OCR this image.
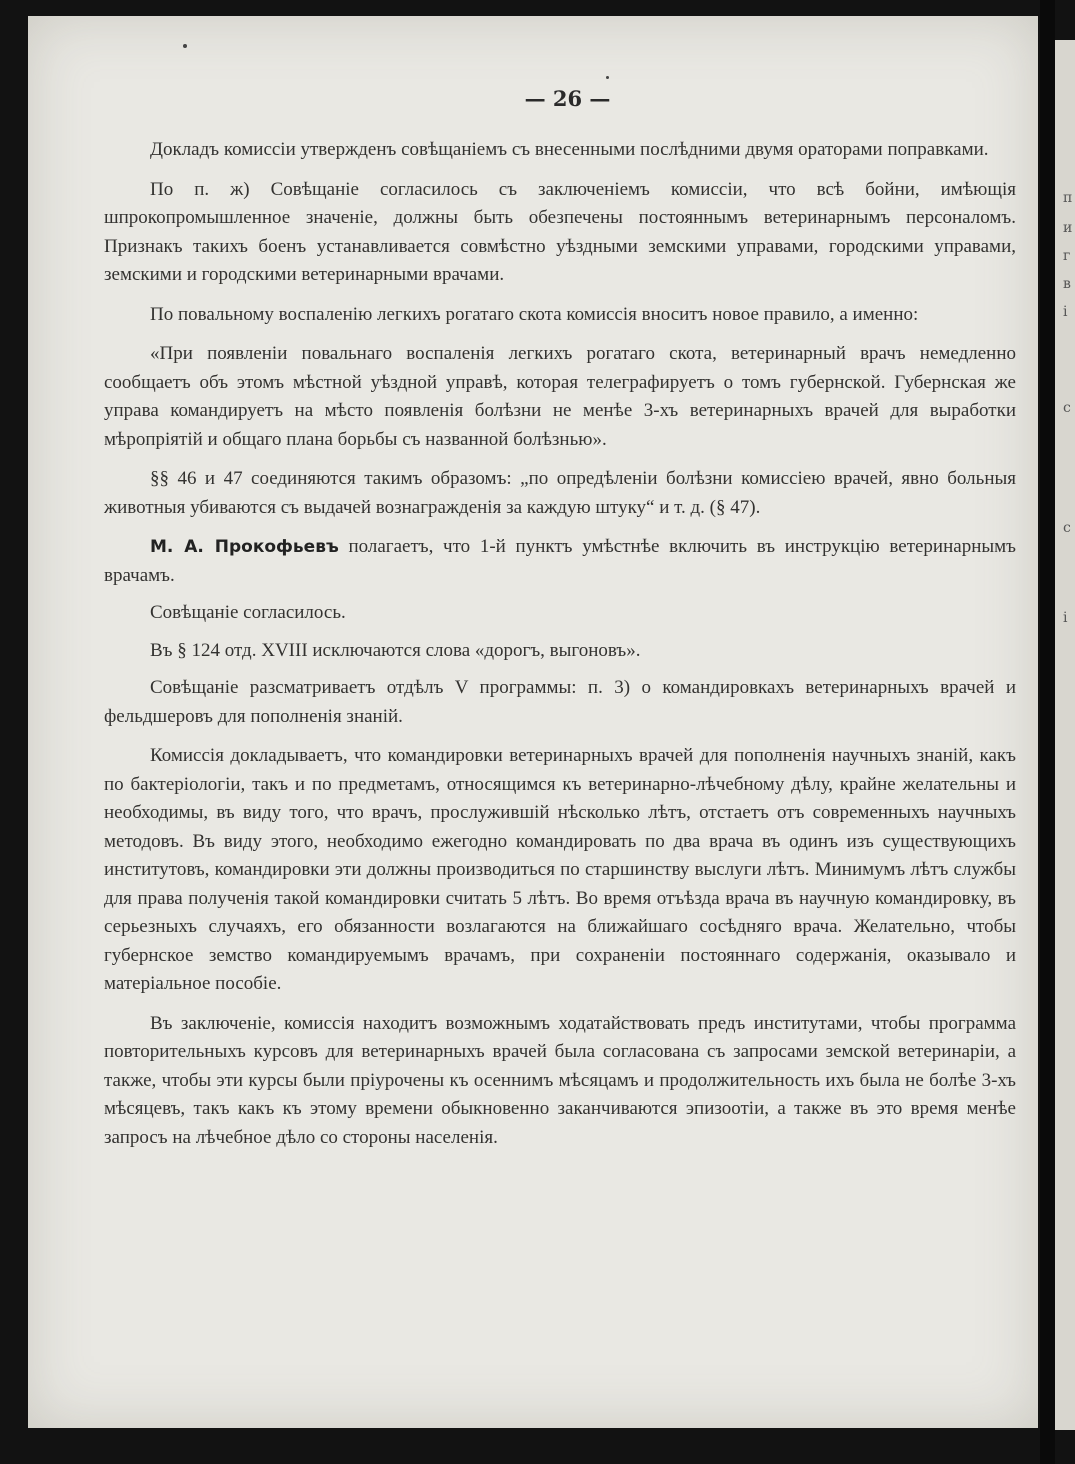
— 26 —

Докладъ комиссіи утвержденъ совѣщаніемъ съ внесенными послѣдними двумя ораторами поправками.

По п. ж) Совѣщаніе согласилось съ заключеніемъ комиссіи, что всѣ бойни, имѣющія шпрокопромышленное значеніе, должны быть обезпечены постояннымъ ветеринарнымъ персоналомъ. Признакъ такихъ боенъ устанавливается совмѣстно уѣздными земскими управами, городскими управами, земскими и городскими ветеринарными врачами.

По повальному воспаленію легкихъ рогатаго скота комиссія вноситъ новое правило, а именно:

«При появленіи повальнаго воспаленія легкихъ рогатаго скота, ветеринарный врачъ немедленно сообщаетъ объ этомъ мѣстной уѣздной управѣ, которая телеграфируетъ о томъ губернской. Губернская же управа командируетъ на мѣсто появленія болѣзни не менѣе 3-хъ ветеринарныхъ врачей для выработки мѣропріятій и общаго плана борьбы съ названной болѣзнью».

§§ 46 и 47 соединяются такимъ образомъ: „по опредѣленіи болѣзни комиссіею врачей, явно больныя животныя убиваются съ выдачей вознагражденія за каждую штуку“ и т. д. (§ 47).

М. А. Прокофьевъ полагаетъ, что 1-й пунктъ умѣстнѣе включить въ инструкцію ветеринарнымъ врачамъ.

Совѣщаніе согласилось.

Въ § 124 отд. XVIII исключаются слова «дорогъ, выгоновъ».

Совѣщаніе разсматриваетъ отдѣлъ V программы: п. 3) о командировкахъ ветеринарныхъ врачей и фельдшеровъ для пополненія знаній.

Комиссія докладываетъ, что командировки ветеринарныхъ врачей для пополненія научныхъ знаній, какъ по бактеріологіи, такъ и по предметамъ, относящимся къ ветеринарно-лѣчебному дѣлу, крайне желательны и необходимы, въ виду того, что врачъ, прослужившій нѣсколько лѣтъ, отстаетъ отъ современныхъ научныхъ методовъ. Въ виду этого, необходимо ежегодно командировать по два врача въ одинъ изъ существующихъ институтовъ, командировки эти должны производиться по старшинству выслуги лѣтъ. Минимумъ лѣтъ службы для права полученія такой командировки считать 5 лѣтъ. Во время отъѣзда врача въ научную командировку, въ серьезныхъ случаяхъ, его обязанности возлагаются на ближайшаго сосѣдняго врача. Желательно, чтобы губернское земство командируемымъ врачамъ, при сохраненіи постояннаго содержанія, оказывало и матеріальное пособіе.

Въ заключеніе, комиссія находитъ возможнымъ ходатайствовать предъ институтами, чтобы программа повторительныхъ курсовъ для ветеринарныхъ врачей была согласована съ запросами земской ветеринаріи, а также, чтобы эти курсы были пріурочены къ осеннимъ мѣсяцамъ и продолжительность ихъ была не болѣе 3-хъ мѣсяцевъ, такъ какъ къ этому времени обыкновенно заканчиваются эпизоотіи, а также въ это время менѣе запросъ на лѣчебное дѣло со стороны населенія.

п
и
г
в
і
с
с
і
